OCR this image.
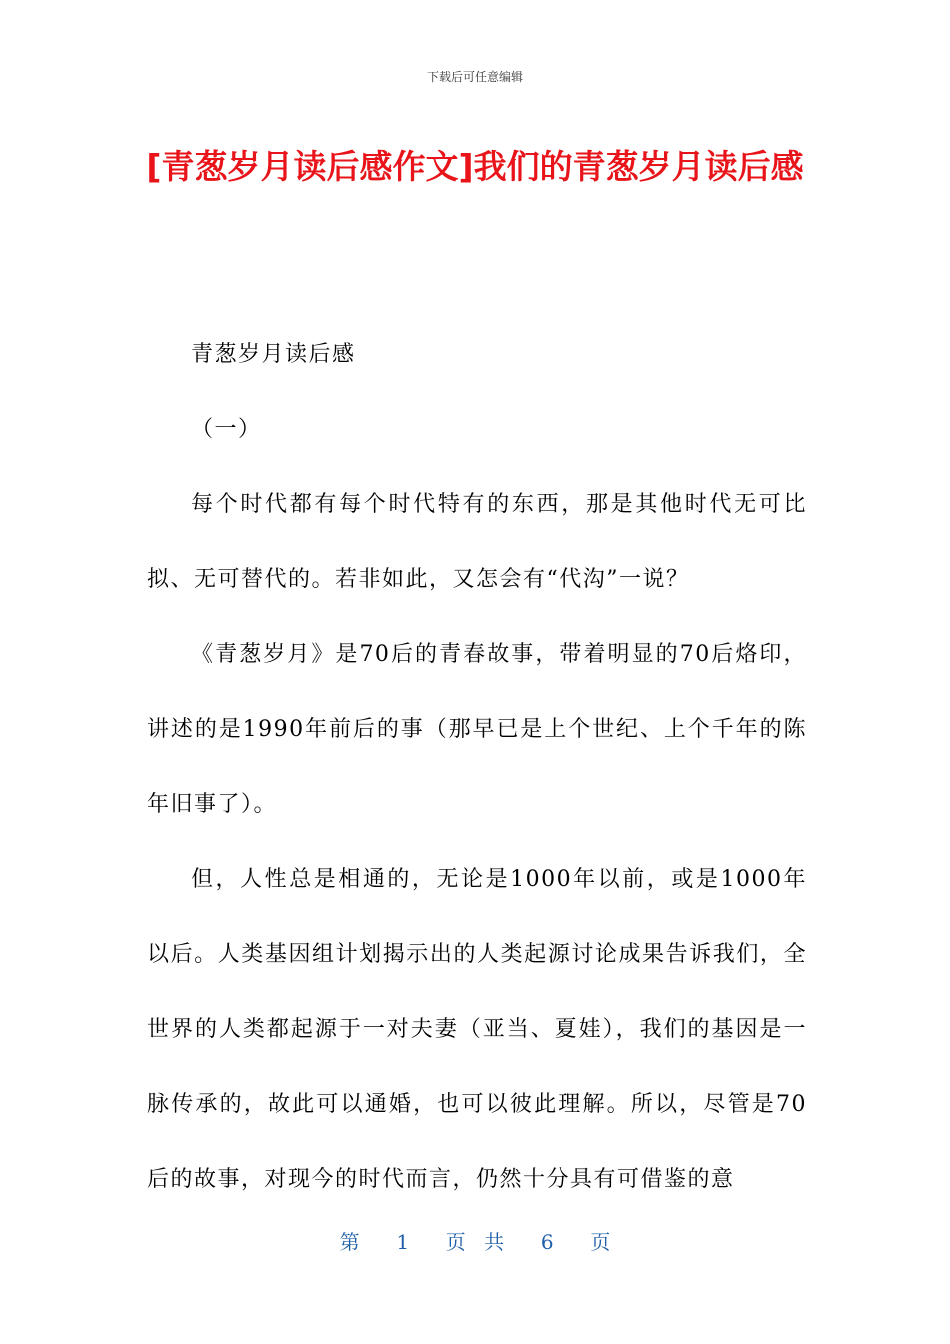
下载后可任意编辑
[青葱岁月读后感作文]我们的青葱岁月读后感

青葱岁月读后感

（一）

每个时代都有每个时代特有的东西，那是其他时代无可比拟、无可替代的。若非如此，又怎会有“代沟”一说？

《青葱岁月》是70后的青春故事，带着明显的70后烙印，讲述的是1990年前后的事（那早已是上个世纪、上个千年的陈年旧事了）。

但，人性总是相通的，无论是1000年以前，或是1000年以后。人类基因组计划揭示出的人类起源讨论成果告诉我们，全世界的人类都起源于一对夫妻（亚当、夏娃），我们的基因是一脉传承的，故此可以通婚，也可以彼此理解。所以，尽管是70后的故事，对现今的时代而言，仍然十分具有可借鉴的意

第  1  页 共  6  页
